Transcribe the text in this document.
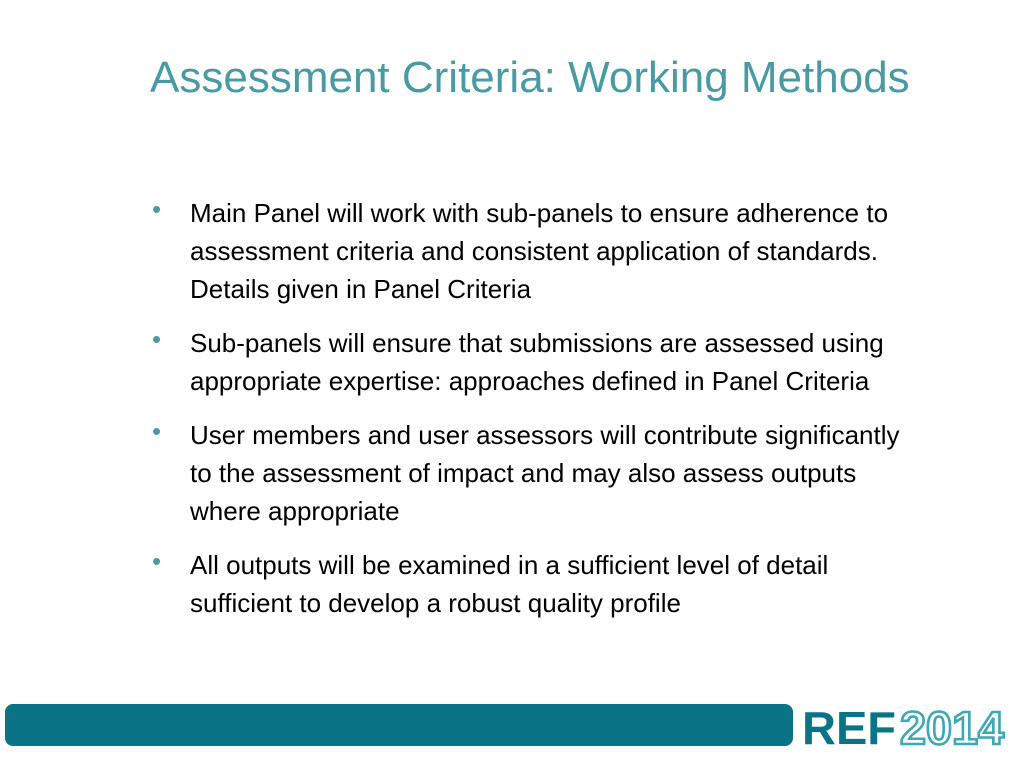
Assessment Criteria: Working Methods
• Main Panel will work with sub-panels to ensure adherence to assessment criteria and consistent application of standards. Details given in Panel Criteria
• Sub-panels will ensure that submissions are assessed using appropriate expertise: approaches defined in Panel Criteria
• User members and user assessors will contribute significantly to the assessment of impact and may also assess outputs where appropriate
• All outputs will be examined in a sufficient level of detail sufficient to develop a robust quality profile
REF 2014
